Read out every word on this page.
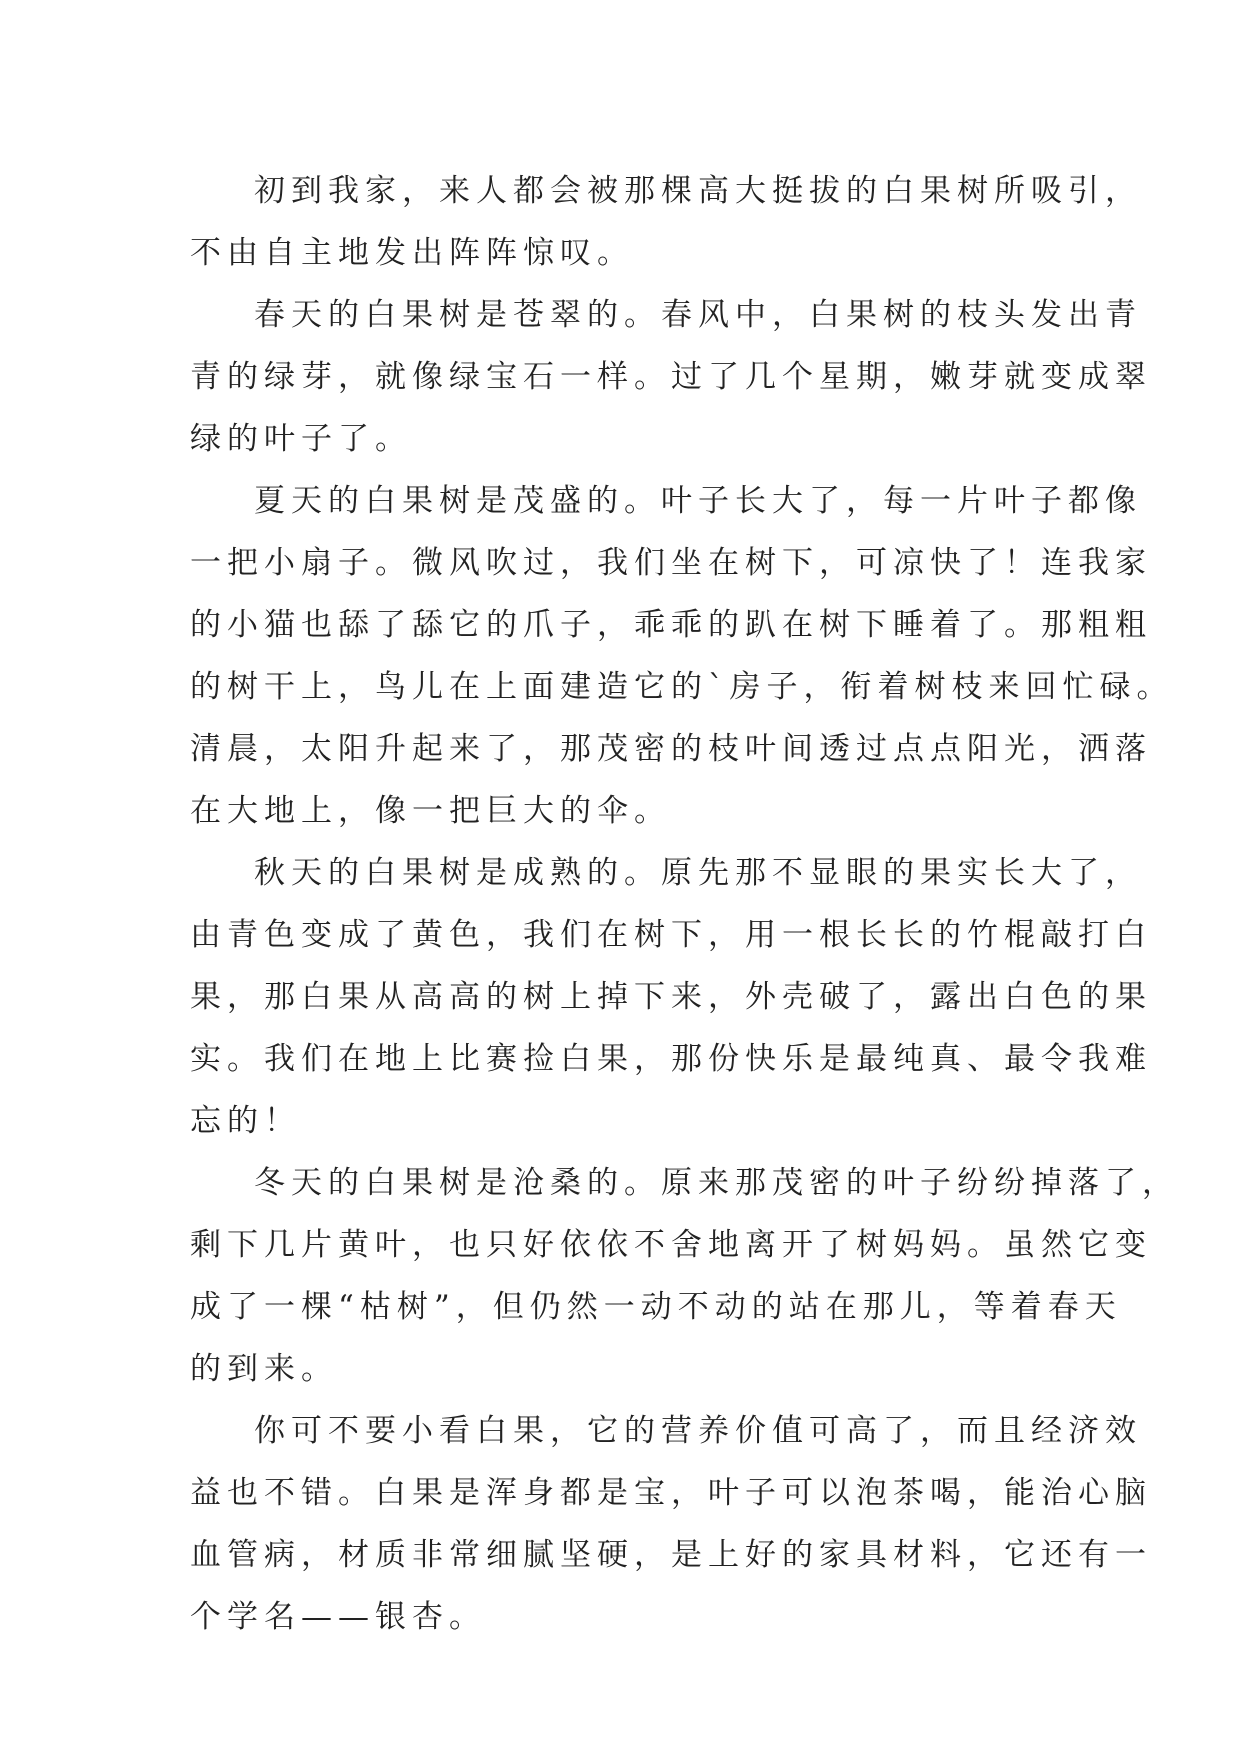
初到我家，来人都会被那棵高大挺拔的白果树所吸引，
不由自主地发出阵阵惊叹。
春天的白果树是苍翠的。春风中，白果树的枝头发出青
青的绿芽，就像绿宝石一样。过了几个星期，嫩芽就变成翠
绿的叶子了。
夏天的白果树是茂盛的。叶子长大了，每一片叶子都像
一把小扇子。微风吹过，我们坐在树下，可凉快了！连我家
的小猫也舔了舔它的爪子，乖乖的趴在树下睡着了。那粗粗
的树干上，鸟儿在上面建造它的`房子，衔着树枝来回忙碌。
清晨，太阳升起来了，那茂密的枝叶间透过点点阳光，洒落
在大地上，像一把巨大的伞。
秋天的白果树是成熟的。原先那不显眼的果实长大了，
由青色变成了黄色，我们在树下，用一根长长的竹棍敲打白
果，那白果从高高的树上掉下来，外壳破了，露出白色的果
实。我们在地上比赛捡白果，那份快乐是最纯真、最令我难
忘的！
冬天的白果树是沧桑的。原来那茂密的叶子纷纷掉落了，
剩下几片黄叶，也只好依依不舍地离开了树妈妈。虽然它变
成了一棵“枯树”，但仍然一动不动的站在那儿，等着春天
的到来。
你可不要小看白果，它的营养价值可高了，而且经济效
益也不错。白果是浑身都是宝，叶子可以泡茶喝，能治心脑
血管病，材质非常细腻坚硬，是上好的家具材料，它还有一
个学名——银杏。
